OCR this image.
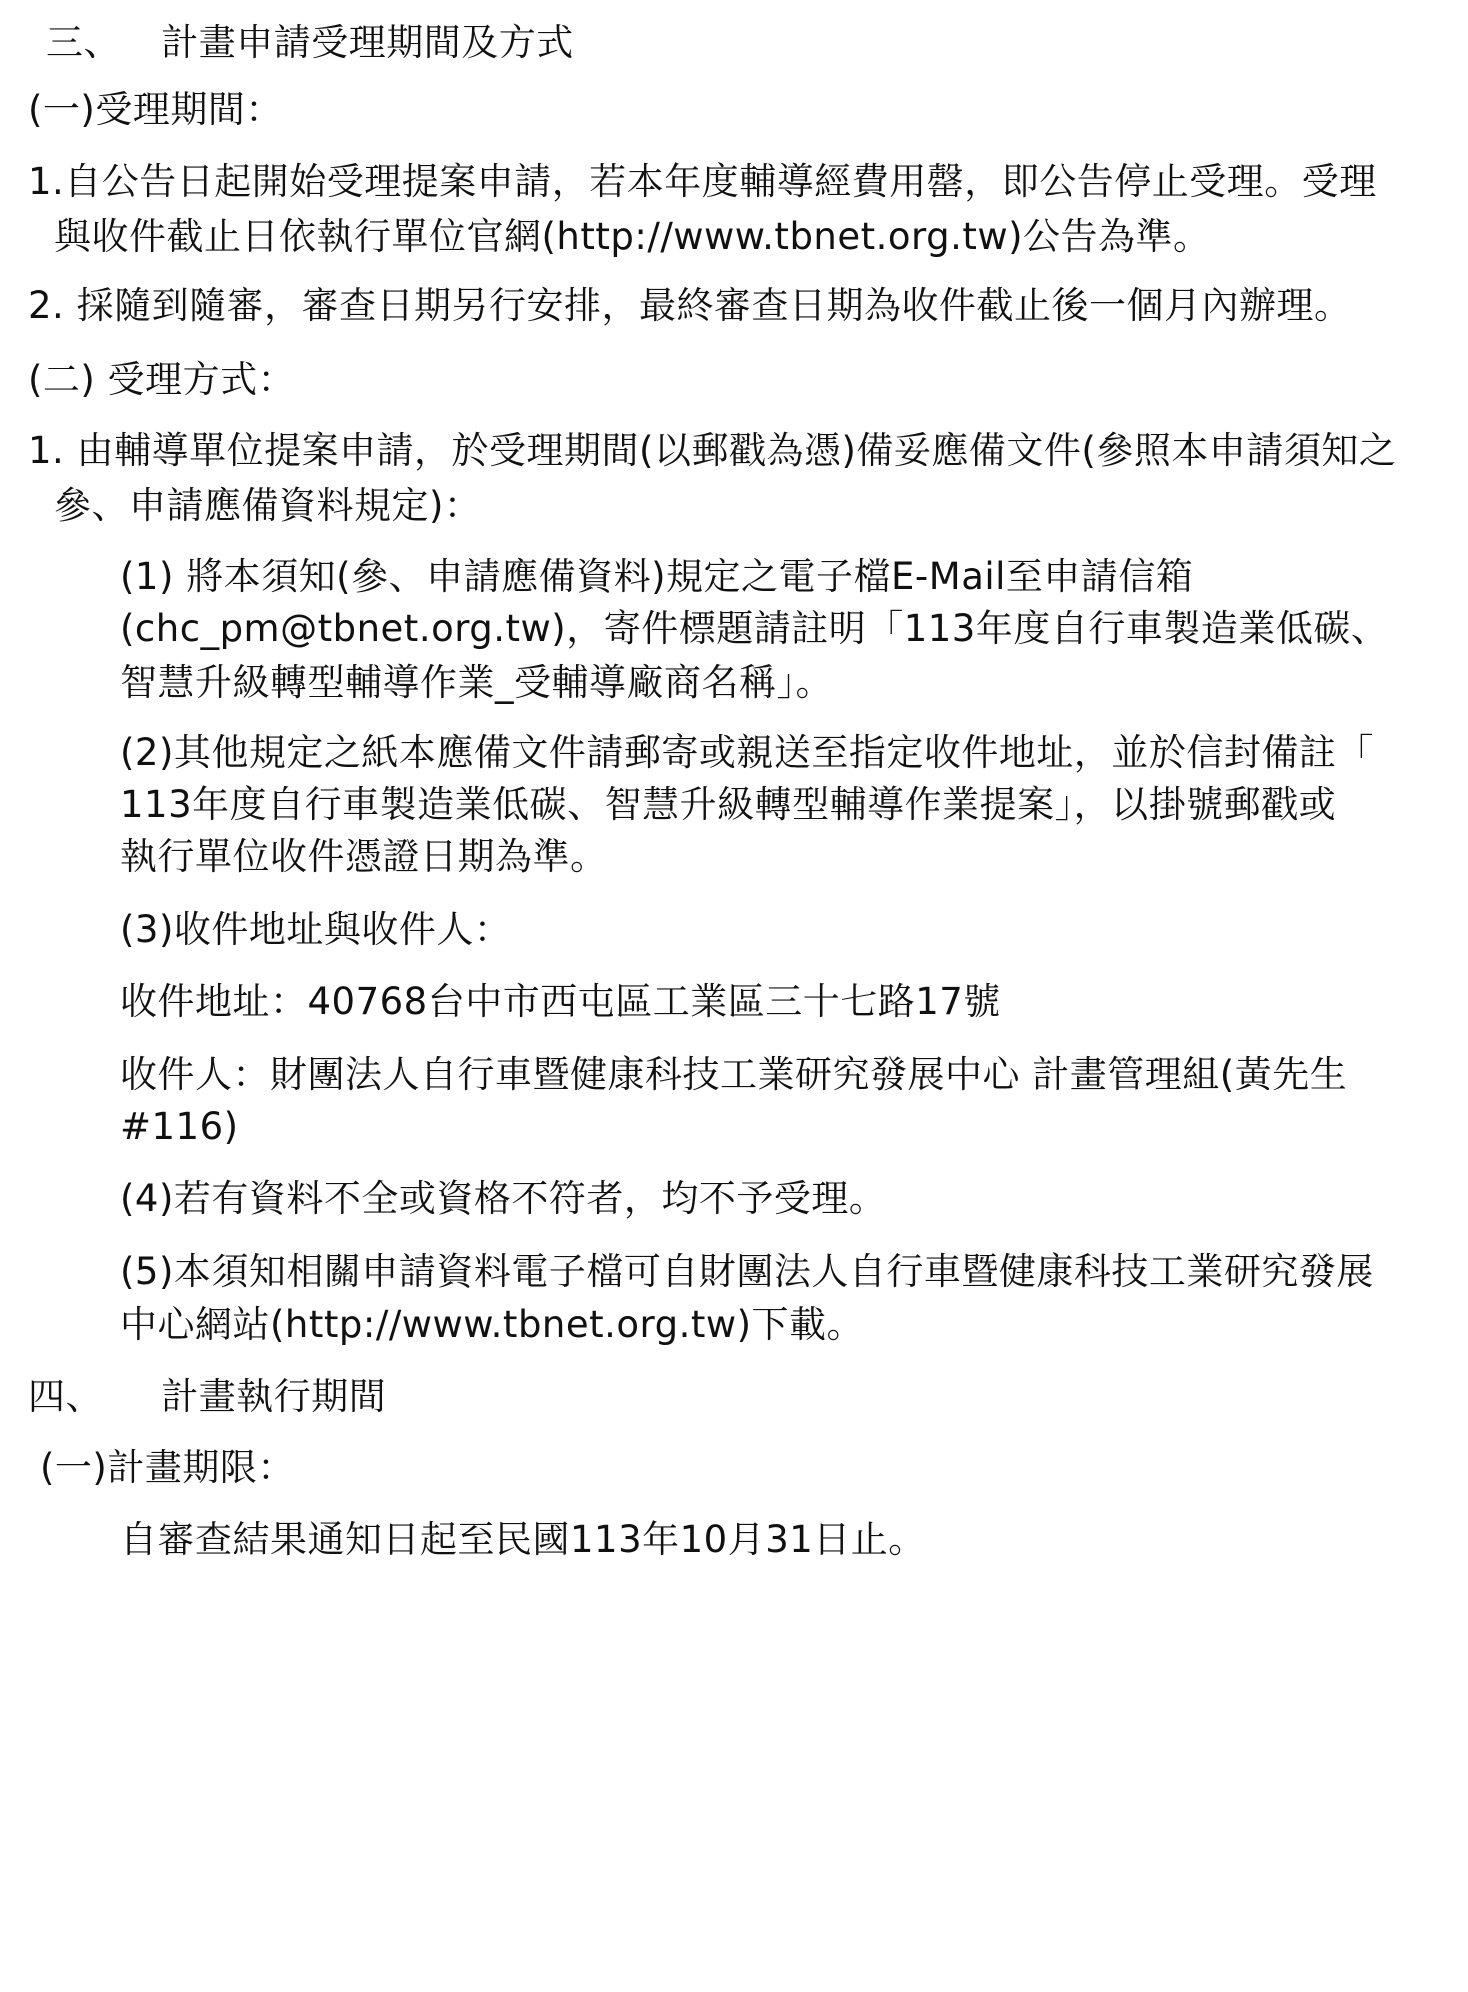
三、 計畫申請受理期間及方式
(一)受理期間：
1.自公告日起開始受理提案申請，若本年度輔導經費用罄，即公告停止受理。受理
與收件截止日依執行單位官網(http://www.tbnet.org.tw)公告為準。
2. 採隨到隨審，審查日期另行安排，最終審查日期為收件截止後一個月內辦理。
(二) 受理方式：
1. 由輔導單位提案申請，於受理期間(以郵戳為憑)備妥應備文件(參照本申請須知之
參、申請應備資料規定)：
(1) 將本須知(參、申請應備資料)規定之電子檔E-Mail至申請信箱
(chc_pm@tbnet.org.tw)，寄件標題請註明「113年度自行車製造業低碳、
智慧升級轉型輔導作業_受輔導廠商名稱」。
(2)其他規定之紙本應備文件請郵寄或親送至指定收件地址，並於信封備註「
113年度自行車製造業低碳、智慧升級轉型輔導作業提案」，以掛號郵戳或
執行單位收件憑證日期為準。
(3)收件地址與收件人：
收件地址：40768台中市西屯區工業區三十七路17號
收件人：財團法人自行車暨健康科技工業研究發展中心 計畫管理組(黃先生
#116)
(4)若有資料不全或資格不符者，均不予受理。
(5)本須知相關申請資料電子檔可自財團法人自行車暨健康科技工業研究發展
中心網站(http://www.tbnet.org.tw)下載。
四、 計畫執行期間
(一)計畫期限：
自審查結果通知日起至民國113年10月31日止。
